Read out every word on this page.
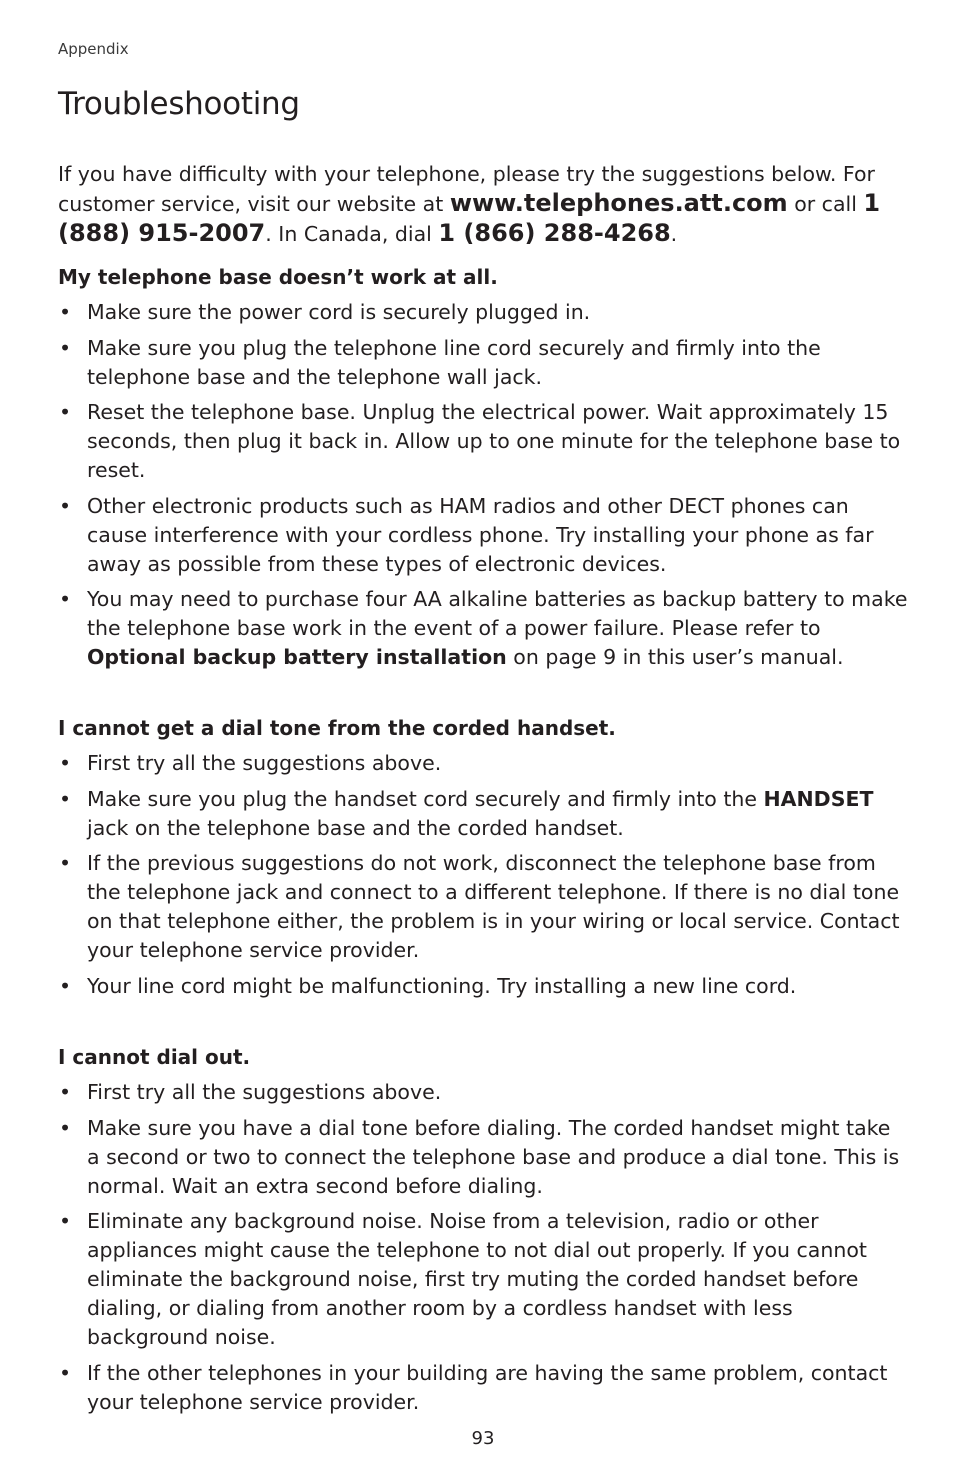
Appendix
Troubleshooting

If you have difficulty with your telephone, please try the suggestions below. For customer service, visit our website at www.telephones.att.com or call 1 (888) 915-2007. In Canada, dial 1 (866) 288-4268.

My telephone base doesn’t work at all.
• Make sure the power cord is securely plugged in.
• Make sure you plug the telephone line cord securely and firmly into the telephone base and the telephone wall jack.
• Reset the telephone base. Unplug the electrical power. Wait approximately 15 seconds, then plug it back in. Allow up to one minute for the telephone base to reset.
• Other electronic products such as HAM radios and other DECT phones can cause interference with your cordless phone. Try installing your phone as far away as possible from these types of electronic devices.
• You may need to purchase four AA alkaline batteries as backup battery to make the telephone base work in the event of a power failure. Please refer to Optional backup battery installation on page 9 in this user’s manual.
I cannot get a dial tone from the corded handset.
• First try all the suggestions above.
• Make sure you plug the handset cord securely and firmly into the HANDSET jack on the telephone base and the corded handset.
• If the previous suggestions do not work, disconnect the telephone base from the telephone jack and connect to a different telephone. If there is no dial tone on that telephone either, the problem is in your wiring or local service. Contact your telephone service provider.
• Your line cord might be malfunctioning. Try installing a new line cord.
I cannot dial out.
• First try all the suggestions above.
• Make sure you have a dial tone before dialing. The corded handset might take a second or two to connect the telephone base and produce a dial tone. This is normal. Wait an extra second before dialing.
• Eliminate any background noise. Noise from a television, radio or other appliances might cause the telephone to not dial out properly. If you cannot eliminate the background noise, first try muting the corded handset before dialing, or dialing from another room by a cordless handset with less background noise.
• If the other telephones in your building are having the same problem, contact your telephone service provider.
93
